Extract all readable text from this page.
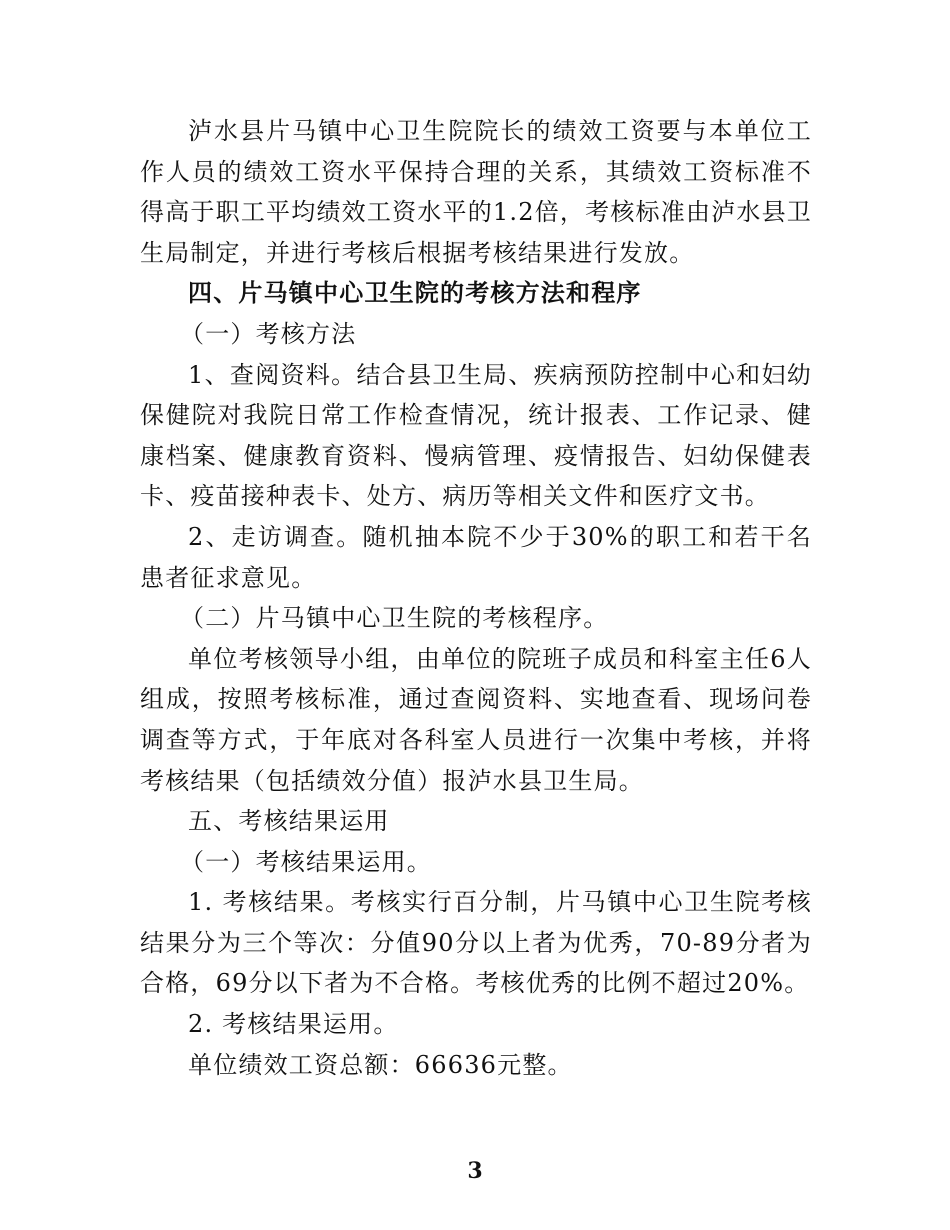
泸水县片马镇中心卫生院院长的绩效工资要与本单位工作人员的绩效工资水平保持合理的关系，其绩效工资标准不得高于职工平均绩效工资水平的1.2倍，考核标准由泸水县卫生局制定，并进行考核后根据考核结果进行发放。

四、片马镇中心卫生院的考核方法和程序

（一）考核方法

1、查阅资料。结合县卫生局、疾病预防控制中心和妇幼保健院对我院日常工作检查情况，统计报表、工作记录、健康档案、健康教育资料、慢病管理、疫情报告、妇幼保健表卡、疫苗接种表卡、处方、病历等相关文件和医疗文书。

2、走访调查。随机抽本院不少于30%的职工和若干名患者征求意见。

（二）片马镇中心卫生院的考核程序。

单位考核领导小组，由单位的院班子成员和科室主任6人组成，按照考核标准，通过查阅资料、实地查看、现场问卷调查等方式，于年底对各科室人员进行一次集中考核，并将考核结果（包括绩效分值）报泸水县卫生局。

五、考核结果运用

（一）考核结果运用。

1. 考核结果。考核实行百分制，片马镇中心卫生院考核结果分为三个等次：分值90分以上者为优秀，70-89分者为合格，69分以下者为不合格。考核优秀的比例不超过20%。

2. 考核结果运用。

单位绩效工资总额：66636元整。

3
